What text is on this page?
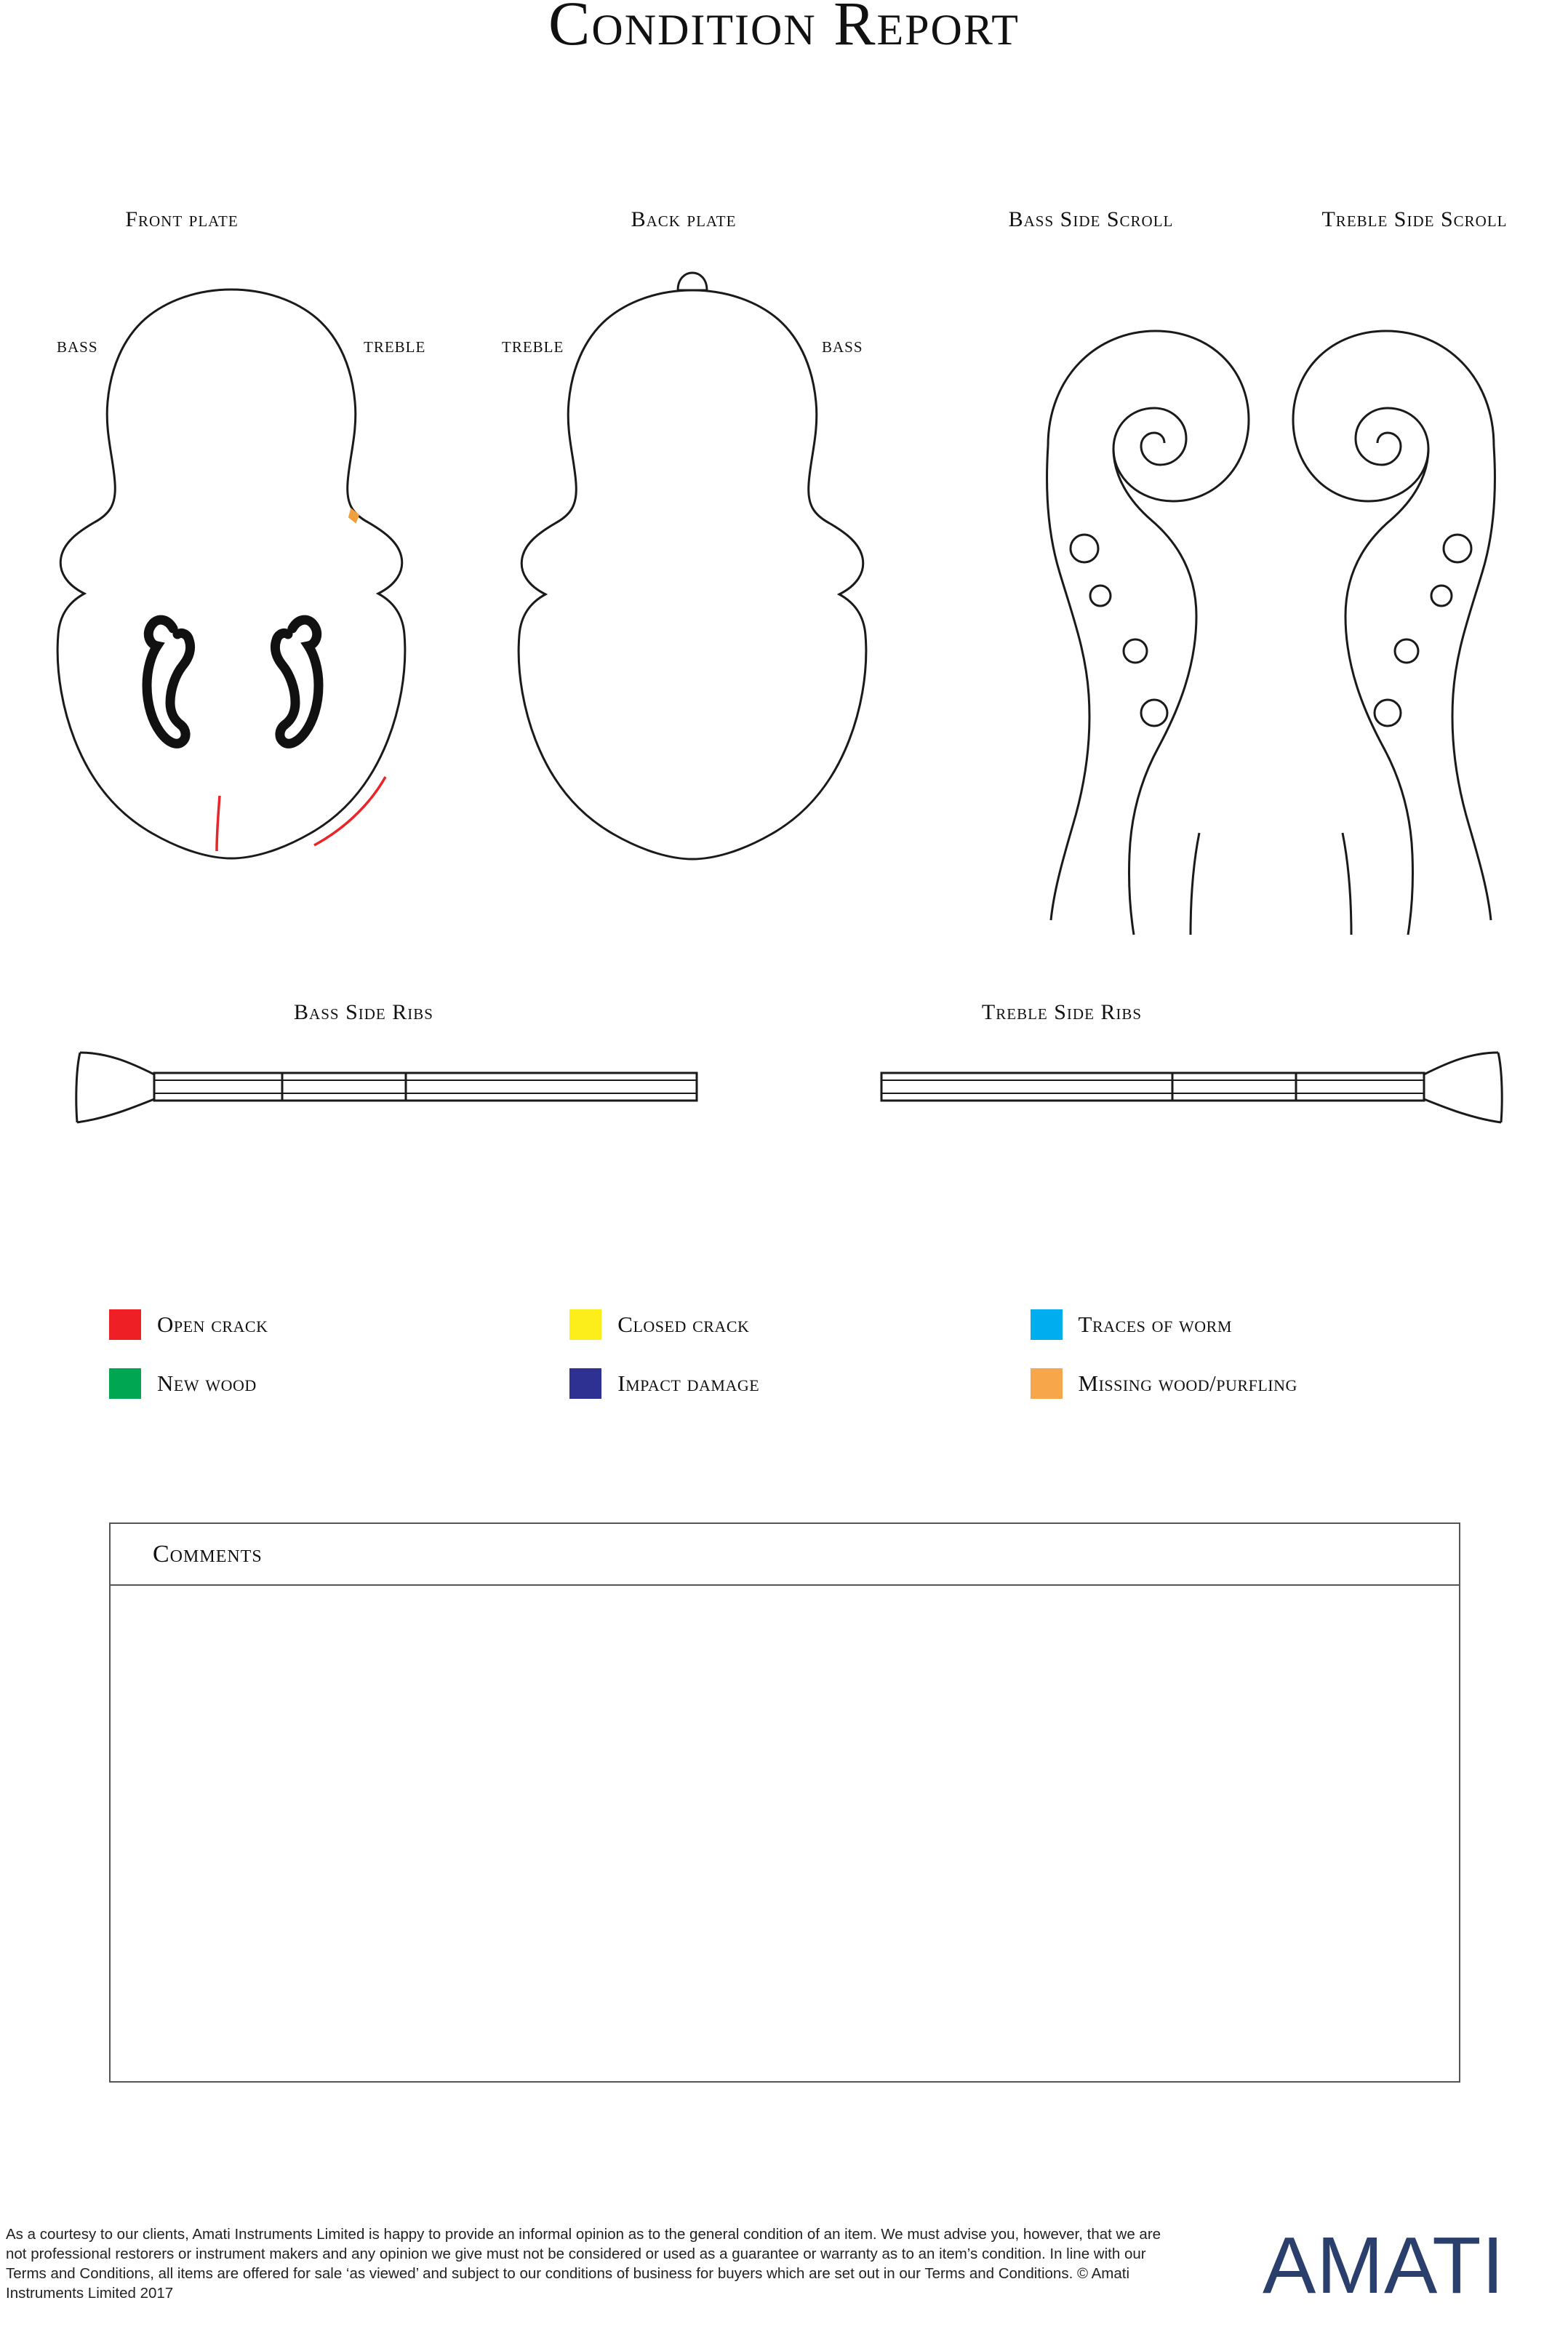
Condition Report
Front plate	Back plate	Bass Side Scroll	Treble Side Scroll
BASS	TREBLE	TREBLE	BASS
Bass Side Ribs	Treble Side Ribs
Open crack	Closed crack	Traces of worm
New wood	Impact damage	Missing wood/purfling
Comments
As a courtesy to our clients, Amati Instruments Limited is happy to provide an informal opinion as to the general condition of an item. We must advise you, however, that we are not professional restorers or instrument makers and any opinion we give must not be considered or used as a guarantee or warranty as to an item’s condition. In line with our Terms and Conditions, all items are offered for sale ‘as viewed’ and subject to our conditions of business for buyers which are set out in our Terms and Conditions. © Amati Instruments Limited 2017	AMATI
